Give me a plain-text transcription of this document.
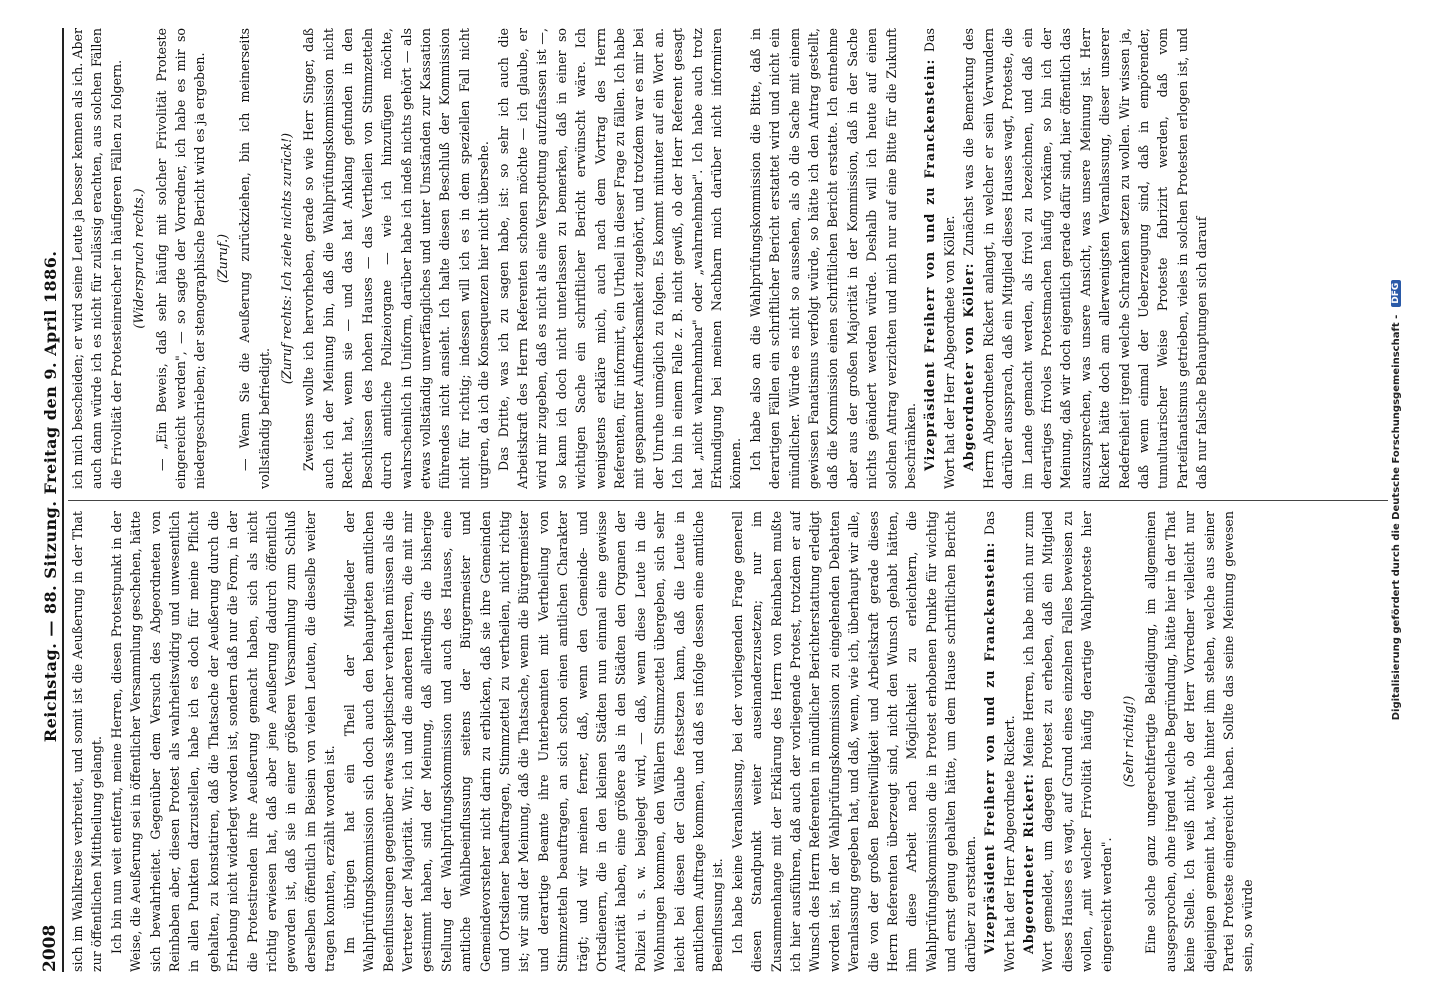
2008
Reichstag. — 88. Sitzung. Freitag den 9. April 1886. sich im Wahlkreise verbreitet, und somit ist die Aeußerung in der That zur öffentlichen Mittheilung gelangt. Ich bin nun weit entfernt, meine Herren, diesen Protestpunkt in der Weise, die Aeußerung sei in öffentlicher Versammlung geschehen, hätte sich bewahrheitet. Gegenüber dem Versuch des Abgeordneten von Reinbaben aber, diesen Protest als wahrheitswidrig und unwesentlich in allen Punkten darzustellen, habe ich es doch für meine Pflicht gehalten, zu konstatiren, daß die Thatsache der Aeußerung durch die Erhebung nicht widerlegt worden ist, sondern daß nur die Form, in der die Protestirenden ihre Aeußerung gemacht haben, sich als nicht richtig erwiesen hat, daß aber jene Aeußerung dadurch öffentlich geworden ist, daß sie in einer größeren Versammlung zum Schluß derselben öffentlich im Beisein von vielen Leuten, die dieselbe weiter tragen konnten, erzählt worden ist. Im übrigen hat ein Theil der Mitglieder der Wahlprüfungskommission sich doch auch den behaupteten amtlichen Beeinflussungen gegenüber etwas skeptischer verhalten müssen als die Vertreter der Majorität. Wir, ich und die anderen Herren, die mit mir gestimmt haben, sind der Meinung, daß allerdings die bisherige Stellung der Wahlprüfungskommission und auch des Hauses, eine amtliche Wahlbeeinflussung seitens der Bürgermeister und Gemeindevorsteher nicht darin zu erblicken, daß sie ihre Gemeinden und Ortsdiener beauftragen, Stimmzettel zu vertheilen, nicht richtig ist; wir sind der Meinung, daß die Thatsache, wenn die Bürgermeister und derartige Beamte ihre Unterbeamten mit Vertheilung von Stimmzetteln beauftragen, an sich schon einen amtlichen Charakter trägt; und wir meinen ferner, daß, wenn den Gemeinde- und Ortsdienern, die in den kleinen Städten nun einmal eine gewisse Autorität haben, eine größere als in den Städten den Organen der Polizei u. s. w. beigelegt wird, — daß, wenn diese Leute in die Wohnungen kommen, den Wählern Stimmzettel übergeben, sich sehr leicht bei diesen der Glaube festsetzen kann, daß die Leute in amtlichem Auftrage kommen, und daß es infolge dessen eine amtliche Beeinflussung ist. Ich habe keine Veranlassung, bei der vorliegenden Frage generell diesen Standpunkt weiter auseinanderzusetzen; nur im Zusammenhange mit der Erklärung des Herrn von Reinbaben mußte ich hier ausführen, daß auch der vorliegende Protest, trotzdem er auf Wunsch des Herrn Referenten in mündlicher Berichterstattung erledigt worden ist, in der Wahlprüfungskommission zu eingehenden Debatten Veranlassung gegeben hat, und daß, wenn, wie ich, überhaupt wir alle, die von der großen Bereitwilligkeit und Arbeitskraft gerade dieses Herrn Referenten überzeugt sind, nicht den Wunsch gehabt hätten, ihm diese Arbeit nach Möglichkeit zu erleichtern, die Wahlprüfungskommission die in Protest erhobenen Punkte für wichtig und ernst genug gehalten hätte, um dem Hause schriftlichen Bericht darüber zu erstatten. Vizepräsident Freiherr von und zu Franckenstein: Das Wort hat der Herr Abgeordnete Rickert. Abgeordneter Rickert: Meine Herren, ich habe mich nur zum Wort gemeldet, um dagegen Protest zu erheben, daß ein Mitglied dieses Hauses es wagt, auf Grund eines einzelnen Falles beweisen zu wollen, „mit welcher Frivolität häufig derartige Wahlproteste hier eingereicht werden".

(Sehr richtig!) Eine solche ganz ungerechtfertigte Beleidigung, im allgemeinen ausgesprochen, ohne irgend welche Begründung, hätte hier in der That keine Stelle. Ich weiß nicht, ob der Herr Vorredner vielleicht nur diejenigen gemeint hat, welche hinter ihm stehen, welche aus seiner Partei Proteste eingereicht haben. Sollte das seine Meinung gewesen sein, so würde

ich mich bescheiden; er wird seine Leute ja besser kennen als ich. Aber auch dann würde ich es nicht für zulässig erachten, aus solchen Fällen die Frivolität der Protesteinreicher in häufigeren Fällen zu folgern. (Widerspruch rechts.) — „Ein Beweis, daß sehr häufig mit solcher Frivolität Proteste eingereicht werden", — so sagte der Vorredner, ich habe es mir so niedergeschrieben; der stenographische Bericht wird es ja ergeben. (Zuruf.) — Wenn Sie die Aeußerung zurückziehen, bin ich meinerseits vollständig befriedigt.

(Zuruf rechts: Ich ziehe nichts zurück!) Zweitens wollte ich hervorheben, gerade so wie Herr Singer, daß auch ich der Meinung bin, daß die Wahlprüfungskommission nicht Recht hat, wenn sie — und das hat Anklang gefunden in den Beschlüssen des hohen Hauses — das Vertheilen von Stimmzetteln durch amtliche Polizeiorgane — wie ich hinzufügen möchte, wahrscheinlich in Uniform, darüber habe ich indeß nichts gehört — als etwas vollständig unverfängliches und unter Umständen zur Kassation führendes nicht ansieht. Ich halte diesen Beschluß der Kommission nicht für richtig; indessen will ich es in dem speziellen Fall nicht urgiren, da ich die Konsequenzen hier nicht übersehe. Das Dritte, was ich zu sagen habe, ist: so sehr ich auch die Arbeitskraft des Herrn Referenten schonen möchte — ich glaube, er wird mir zugeben, daß es nicht als eine Verspottung aufzufassen ist —, so kann ich doch nicht unterlassen zu bemerken, daß in einer so wichtigen Sache ein schriftlicher Bericht erwünscht wäre. Ich wenigstens erkläre mich, auch nach dem Vortrag des Herrn Referenten, für informirt, ein Urtheil in dieser Frage zu fällen. Ich habe mit gespannter Aufmerksamkeit zugehört, und trotzdem war es mir bei der Unruhe unmöglich zu folgen. Es kommt mitunter auf ein Wort an. Ich bin in einem Falle z. B. nicht gewiß, ob der Herr Referent gesagt hat „nicht wahrnehmbar" oder „wahrnehmbar". Ich habe auch trotz Erkundigung bei meinen Nachbarn mich darüber nicht informiren können. Ich habe also an die Wahlprüfungskommission die Bitte, daß in derartigen Fällen ein schriftlicher Bericht erstattet wird und nicht ein mündlicher. Würde es nicht so aussehen, als ob die Sache mit einem gewissen Fanatismus verfolgt würde, so hätte ich den Antrag gestellt, daß die Kommission einen schriftlichen Bericht erstatte. Ich entnehme aber aus der großen Majorität in der Kommission, daß in der Sache nichts geändert werden würde. Deshalb will ich heute auf einen solchen Antrag verzichten und mich nur auf eine Bitte für die Zukunft beschränken. Vizepräsident Freiherr von und zu Franckenstein: Das Wort hat der Herr Abgeordnete von Köller. Abgeordneter von Köller: Zunächst was die Bemerkung des Herrn Abgeordneten Rickert anlangt, in welcher er sein Verwundern darüber aussprach, daß ein Mitglied dieses Hauses wagt, Proteste, die im Lande gemacht werden, als frivol zu bezeichnen, und daß ein derartiges frivoles Protestmachen häufig vorkäme, so bin ich der Meinung, daß wir doch eigentlich gerade dafür sind, hier öffentlich das auszusprechen, was unsere Ansicht, was unsere Meinung ist. Herr Rickert hätte doch am allerwenigsten Veranlassung, dieser unserer Redefreiheit irgend welche Schranken setzen zu wollen. Wir wissen ja, daß wenn einmal der Ueberzeugung sind, daß in empörender, tumultuarischer Weise Proteste fabrizirt werden, daß vom Parteifanatismus getrieben, vieles in solchen Protesten erlogen ist, und daß nur falsche Behauptungen sich darauf	Digitalisierung gefördert durch die Deutsche Forschungsgemeinschaft -
DFG
